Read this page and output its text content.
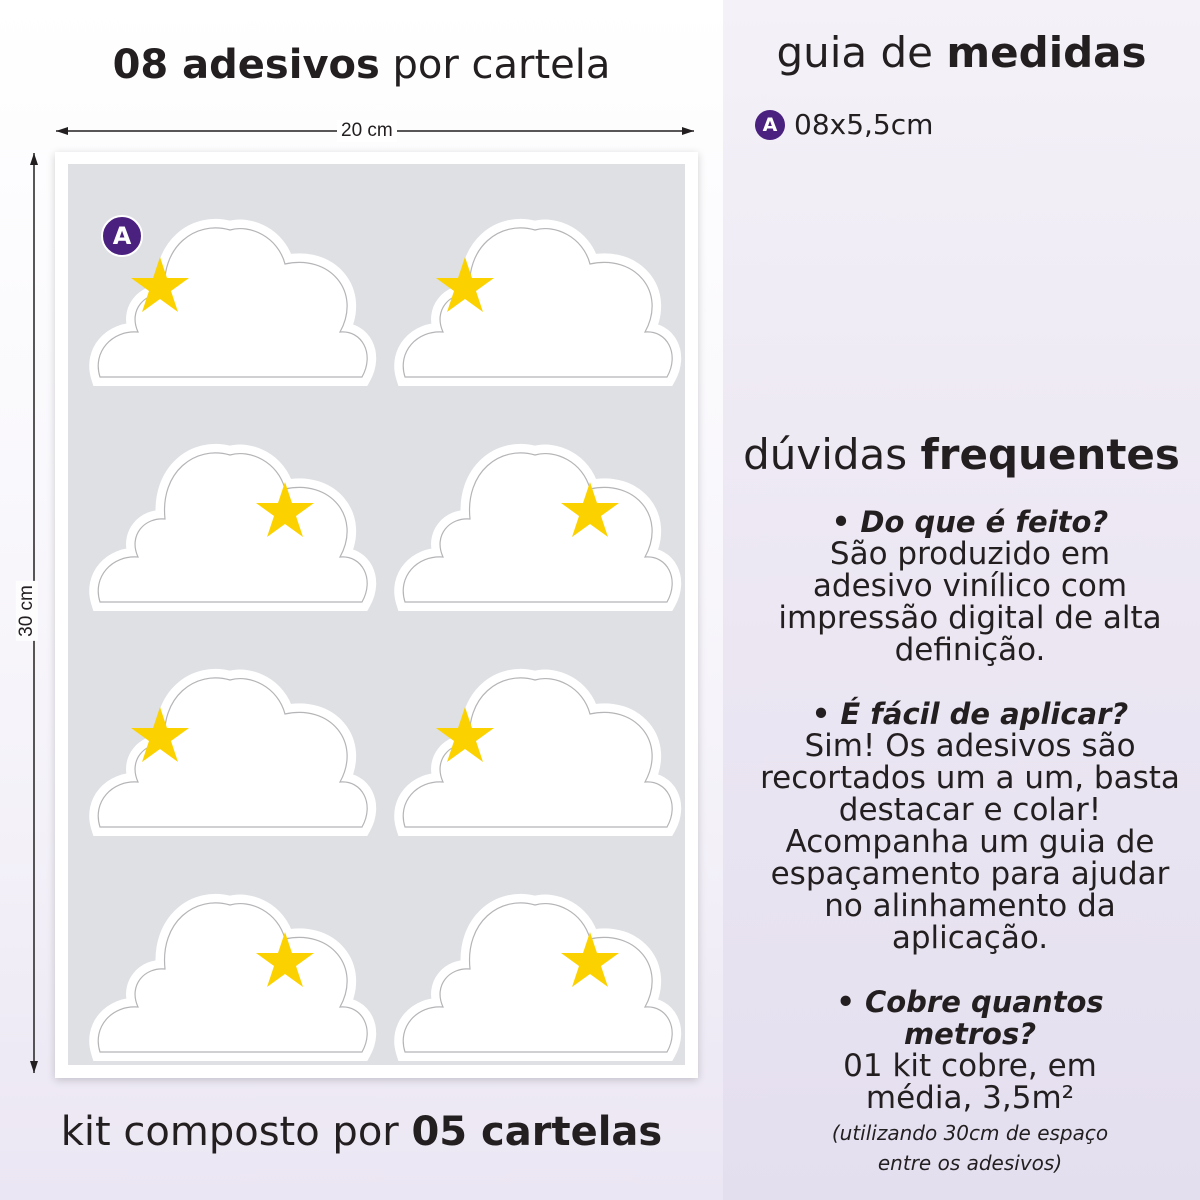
08 adesivos por cartela
20 cm
30 cm
A
kit composto por 05 cartelas
guia de medidas
A 08x5,5cm
dúvidas frequentes
• Do que é feito?
São produzido em adesivo vinílico com impressão digital de alta definição.
• É fácil de aplicar?
Sim! Os adesivos são recortados um a um, basta destacar e colar! Acompanha um guia de espaçamento para ajudar no alinhamento da aplicação.
• Cobre quantos metros?
01 kit cobre, em média, 3,5m²
(utilizando 30cm de espaço entre os adesivos)
